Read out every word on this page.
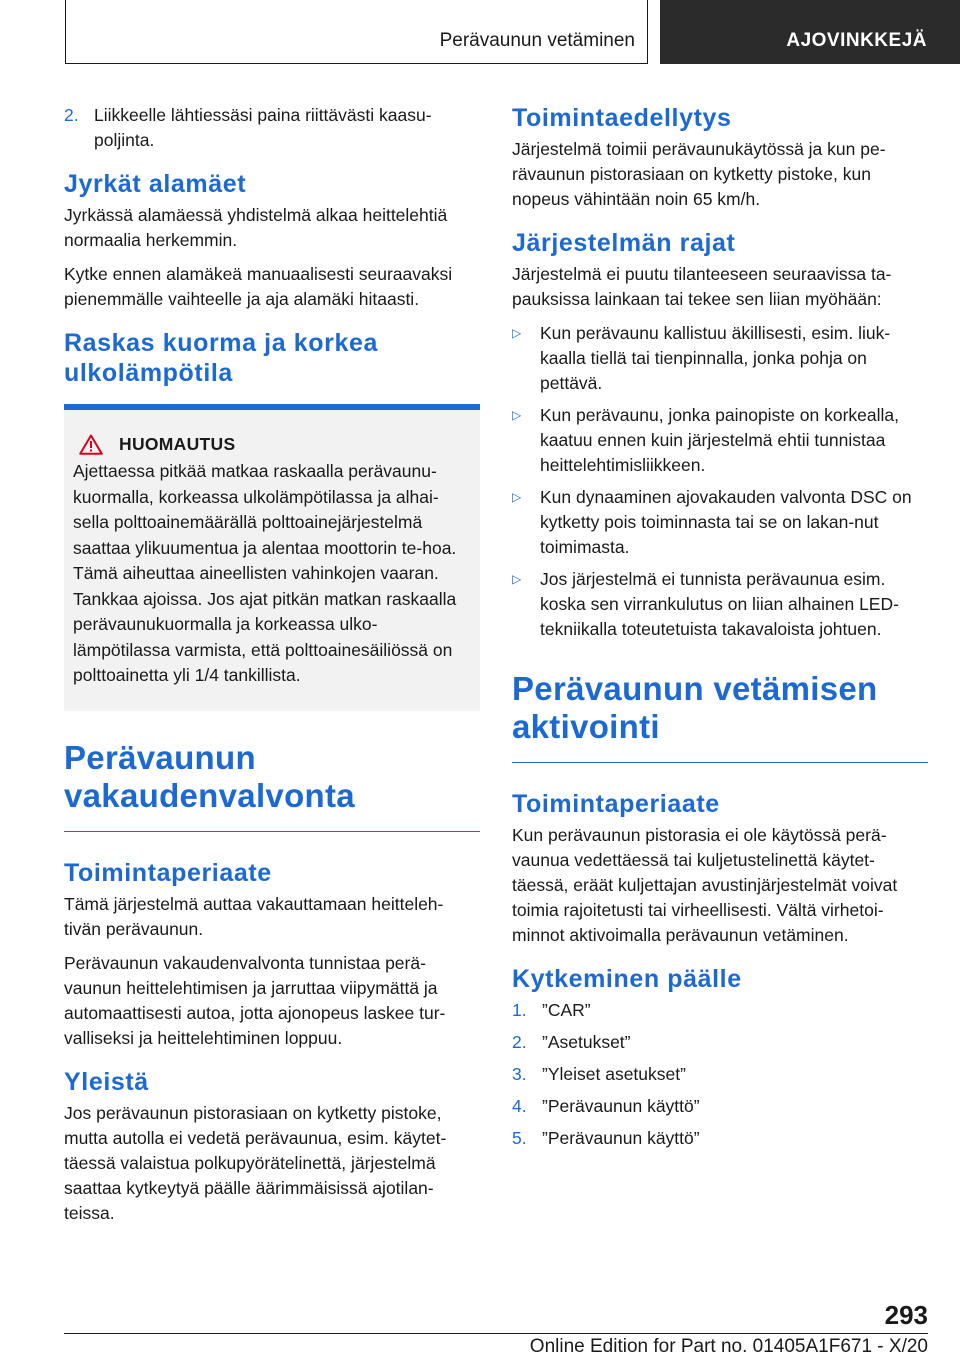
Perävaunun vetäminen	AJOVINKKEJÄ
2. Liikkeelle lähtiessäsi paina riittävästi kaasu-poljinta.
Jyrkät alamäet

Jyrkässä alamäessä yhdistelmä alkaa heittelehtiä normaalia herkemmin.

Kytke ennen alamäkeä manuaalisesti seuraavaksi pienemmälle vaihteelle ja aja alamäki hitaasti.

Raskas kuorma ja korkea ulkolämpötila
HUOMAUTUS

Ajettaessa pitkää matkaa raskaalla perävaunu-kuormalla, korkeassa ulkolämpötilassa ja alhai-sella polttoainemäärällä polttoainejärjestelmä saattaa ylikuumentua ja alentaa moottorin te-hoa. Tämä aiheuttaa aineellisten vahinkojen vaaran. Tankkaa ajoissa. Jos ajat pitkän matkan raskaalla perävaunukuormalla ja korkeassa ulko-lämpötilassa varmista, että polttoainesäiliössä on polttoainetta yli 1/4 tankillista.

Perävaunun vakaudenvalvonta
Toimintaperiaate

Tämä järjestelmä auttaa vakauttamaan heitteleh-tivän perävaunun.

Perävaunun vakaudenvalvonta tunnistaa perä-vaunun heittelehtimisen ja jarruttaa viipymättä ja automaattisesti autoa, jotta ajonopeus laskee tur-valliseksi ja heittelehtiminen loppuu.

Yleistä

Jos perävaunun pistorasiaan on kytketty pistoke, mutta autolla ei vedetä perävaunua, esim. käytet-täessä valaistua polkupyörätelinettä, järjestelmä saattaa kytkeytyä päälle äärimmäisissä ajotilan-teissa.

Toimintaedellytys

Järjestelmä toimii perävaunukäytössä ja kun pe-rävaunun pistorasiaan on kytketty pistoke, kun nopeus vähintään noin 65 km/h.

Järjestelmän rajat

Järjestelmä ei puutu tilanteeseen seuraavissa ta-pauksissa lainkaan tai tekee sen liian myöhään:

▷	Kun perävaunu kallistuu äkillisesti, esim. liuk-kaalla tiellä tai tienpinnalla, jonka pohja on pettävä.
▷	Kun perävaunu, jonka painopiste on korkealla, kaatuu ennen kuin järjestelmä ehtii tunnistaa heittelehtimisliikkeen.
▷	Kun dynaaminen ajovakauden valvonta DSC on kytketty pois toiminnasta tai se on lakan-nut toimimasta.
▷	Jos järjestelmä ei tunnista perävaunua esim. koska sen virrankulutus on liian alhainen LED-tekniikalla toteutetuista takavaloista johtuen.
Perävaunun vetämisen aktivointi
Toimintaperiaate

Kun perävaunun pistorasia ei ole käytössä perä-vaunua vedettäessä tai kuljetustelinettä käytet-täessä, eräät kuljettajan avustinjärjestelmät voivat toimia rajoitetusti tai virheellisesti. Vältä virhetoi-minnot aktivoimalla perävaunun vetäminen.

Kytkeminen päälle
1. ”CAR”
2. ”Asetukset”
3. ”Yleiset asetukset”
4. ”Perävaunun käyttö”
5. ”Perävaunun käyttö”
293
Online Edition for Part no. 01405A1F671 - X/20
